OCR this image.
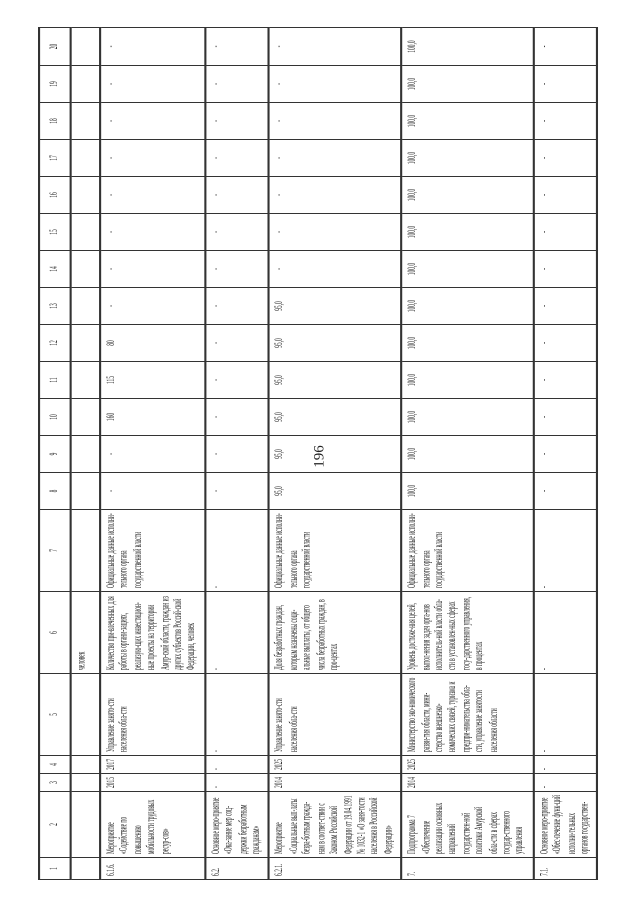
196
1	2	3	4	5	6	7	8	9	10	11	12	13	14	15	16	17	18	19	20
					человек														
6.1.6.	Мероприятие «Содействие по повышению мобильности трудовых ресур-сов»	2015	2017	Управление занято-сти населения обла-сти	Количество при-влеченных для работы в органи-зациях, реализую-щих инвестицион-ные проекты на территории Амур-ской области, граждан из других субъектов Россий-ской Федерации, человек	Официальные данные исполни-тельного органа государственной власти	-	-	160	115	80	-	-	-	-	-	-	-	-
6.2.	Основное меро-приятие «Ока-зание мер соц-держки безработным гражданам»	-	-	-	-	-	-	-	-	-	-	-	-	-	-	-	-	-	-
6.2.1.	Мероприятие «Социальные вып-латы безра-ботным гражда-нам в соответ-ствии с Законом Российской Федерации от 19.04.1991 № 1032-1 «О заня-тости населения в Российской Федерации»	2014	2025	Управление занято-сти населения обла-сти	Доля безработных граждан, которым назначены соци-альные выплаты, от общего числа безработных граждан, в про-центах	Официальные данные исполни-тельного органа государственной власти	95,0	95,0	95,0	95,0	95,0	95,0	-	-	-	-	-	-	-
7.	Подпрограмма 7 «Обеспечение реализации основных направлений государствен-ной политики Амурской обла-сти в сферах государ-ственного управления	2014	2025	Министерство эко-номического разви-тия области, мини-стерство внешнеэко-номических связей, туризма и предпри-нимательства обла-сти, управление занятости населения области	Уровень достиже-ния целей, выпол-нения задач орга-нов исполнитель-ной власти обла-сти в установлен-ных сферах госу-дарственного управления, в процентах	Официальные данные исполни-тельного органа государственной власти	100,0	100,0	100,0	100,0	100,0	100,0	100,0	100,0	100,0	100,0	100,0	100,0	100,0
7.1.	Основное меро-приятие «Обес-печение функ-ций исполни-тельных органов государствен-	-	-	-	-	-	-	-	-	-	-	-	-	-	-	-	-	-	-
